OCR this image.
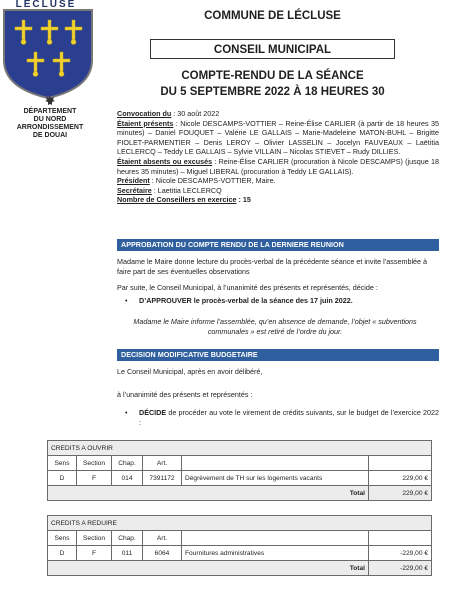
LECLUSE
DÉPARTEMENT
DU NORD
ARRONDISSEMENT
DE DOUAI
COMMUNE DE LÉCLUSE
CONSEIL MUNICIPAL
COMPTE-RENDU DE LA SÉANCE
DU 5 SEPTEMBRE 2022 À 18 HEURES 30
Convocation du : 30 août 2022
Étaient présents : Nicole DESCAMPS-VOTTIER – Reine-Élise CARLIER (à partir de 18 heures 35 minutes) – Daniel FOUQUET – Valérie LE GALLAIS – Marie-Madeleine MATON-BUHL – Brigitte FIOLET-PARMENTIER – Denis LEROY – Olivier LASSELIN – Jocelyn FAUVEAUX – Laëtitia LECLERCQ – Teddy LE GALLAIS – Sylvie VILLAIN – Nicolas STIEVET – Rudy DILLIES.
Étaient absents ou excusés : Reine-Élise CARLIER (procuration à Nicole DESCAMPS) (jusque 18 heures 35 minutes) – Miguel LIBERAL (procuration à Teddy LE GALLAIS).
Président : Nicole DESCAMPS-VOTTIER, Maire.
Secrétaire : Laetitia LECLERCQ
Nombre de Conseillers en exercice : 15
APPROBATION DU COMPTE RENDU DE LA DERNIERE REUNION
Madame le Maire donne lecture du procès-verbal de la précédente séance et invite l’assemblée à faire part de ses éventuelles observations
Par suite, le Conseil Municipal, à l’unanimité des présents et représentés, décide :
• D’APPROUVER le procès-verbal de la séance des 17 juin 2022.
Madame le Maire informe l’assemblée, qu’en absence de demande, l’objet « subventions communales » est retiré de l’ordre du jour.
DECISION MODIFICATIVE BUDGETAIRE
Le Conseil Municipal, après en avoir délibéré,
à l’unanimité des présents et représentés :
• DÉCIDE de procéder au vote le virement de crédits suivants, sur le budget de l’exercice 2022 :
CREDITS A OUVRIR					
Sens	Section	Chap.	Art.		
D	F	014	7391172	Dégrèvement de TH sur les logements vacants	229,00 €
Total					229,00 €
CREDITS A REDUIRE					
Sens	Section	Chap.	Art.		
D	F	011	6064	Fournitures administratives	-229,00 €
Total					-229,00 €
